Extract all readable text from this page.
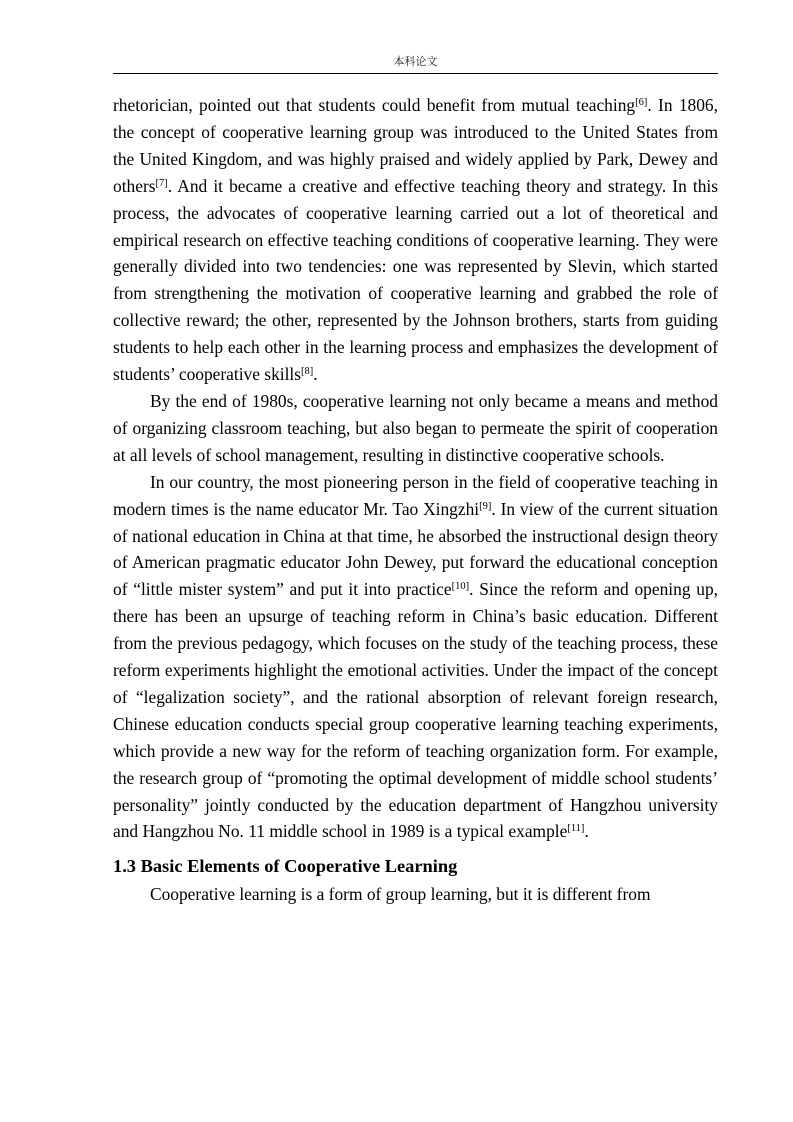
本科论文

rhetorician, pointed out that students could benefit from mutual teaching[6]. In 1806, the concept of cooperative learning group was introduced to the United States from the United Kingdom, and was highly praised and widely applied by Park, Dewey and others[7]. And it became a creative and effective teaching theory and strategy. In this process, the advocates of cooperative learning carried out a lot of theoretical and empirical research on effective teaching conditions of cooperative learning. They were generally divided into two tendencies: one was represented by Slevin, which started from strengthening the motivation of cooperative learning and grabbed the role of collective reward; the other, represented by the Johnson brothers, starts from guiding students to help each other in the learning process and emphasizes the development of students’ cooperative skills[8].

By the end of 1980s, cooperative learning not only became a means and method of organizing classroom teaching, but also began to permeate the spirit of cooperation at all levels of school management, resulting in distinctive cooperative schools.

In our country, the most pioneering person in the field of cooperative teaching in modern times is the name educator Mr. Tao Xingzhi[9]. In view of the current situation of national education in China at that time, he absorbed the instructional design theory of American pragmatic educator John Dewey, put forward the educational conception of “little mister system” and put it into practice[10]. Since the reform and opening up, there has been an upsurge of teaching reform in China’s basic education. Different from the previous pedagogy, which focuses on the study of the teaching process, these reform experiments highlight the emotional activities. Under the impact of the concept of “legalization society”, and the rational absorption of relevant foreign research, Chinese education conducts special group cooperative learning teaching experiments, which provide a new way for the reform of teaching organization form. For example, the research group of “promoting the optimal development of middle school students’ personality” jointly conducted by the education department of Hangzhou university and Hangzhou No. 11 middle school in 1989 is a typical example[11].

1.3 Basic Elements of Cooperative Learning

Cooperative learning is a form of group learning, but it is different from
